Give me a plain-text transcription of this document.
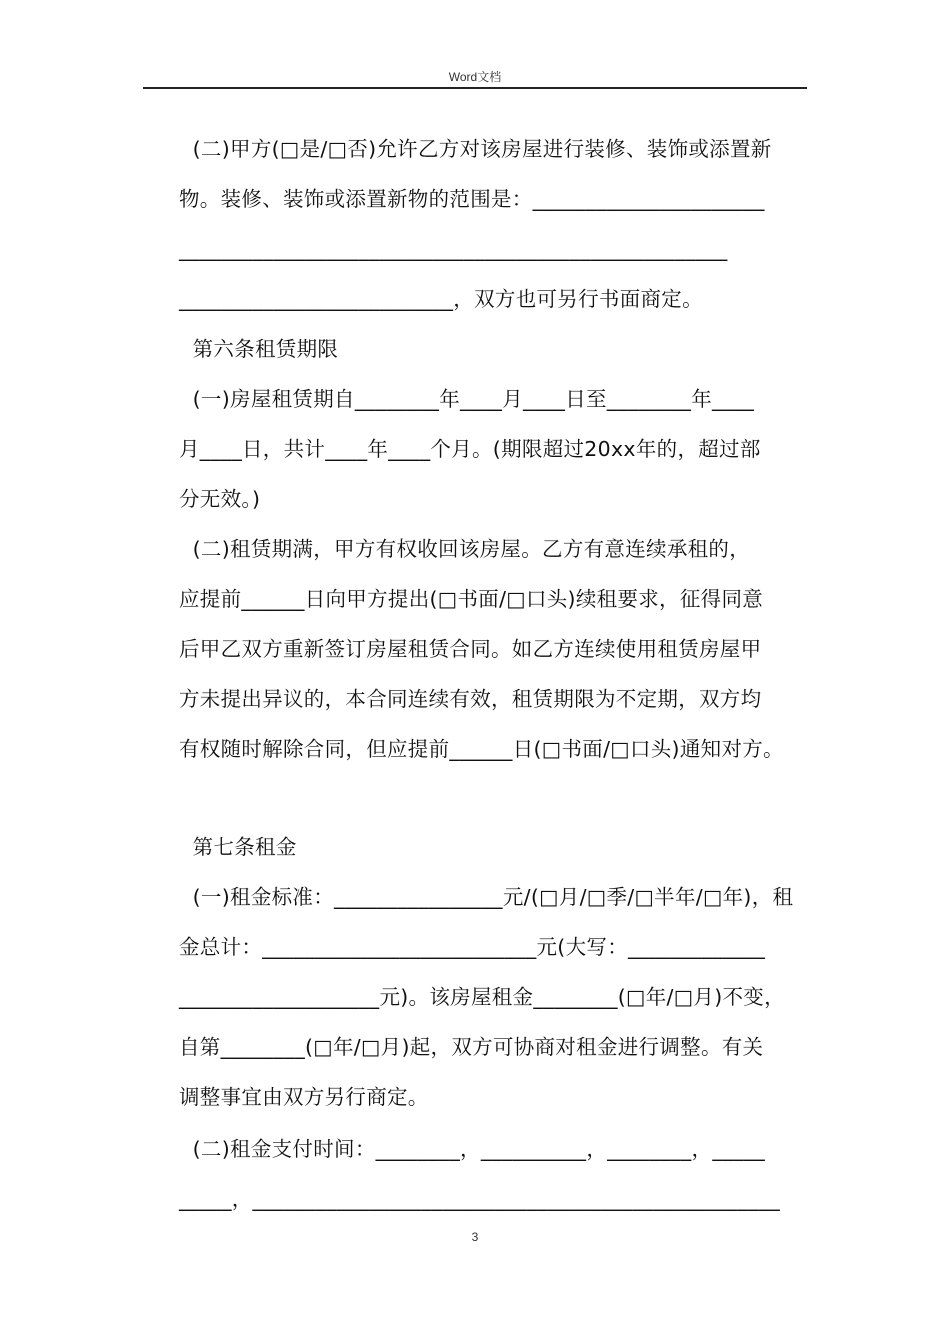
Word文档
(二)甲方(□是/□否)允许乙方对该房屋进行装修、装饰或添置新
物。装修、装饰或添置新物的范围是：______________________
____________________________________________________
__________________________，双方也可另行书面商定。
第六条租赁期限
(一)房屋租赁期自________年____月____日至________年____
月____日，共计____年____个月。(期限超过20xx年的，超过部
分无效。)
(二)租赁期满，甲方有权收回该房屋。乙方有意连续承租的，
应提前______日向甲方提出(□书面/□口头)续租要求，征得同意
后甲乙双方重新签订房屋租赁合同。如乙方连续使用租赁房屋甲
方未提出异议的，本合同连续有效，租赁期限为不定期，双方均
有权随时解除合同，但应提前______日(□书面/□口头)通知对方。
第七条租金
(一)租金标准：________________元/(□月/□季/□半年/□年)，租
金总计：__________________________元(大写：_____________
___________________元)。该房屋租金________(□年/□月)不变，
自第________(□年/□月)起，双方可协商对租金进行调整。有关
调整事宜由双方另行商定。
(二)租金支付时间：________，__________，________，_____
_____，__________________________________________________
3
